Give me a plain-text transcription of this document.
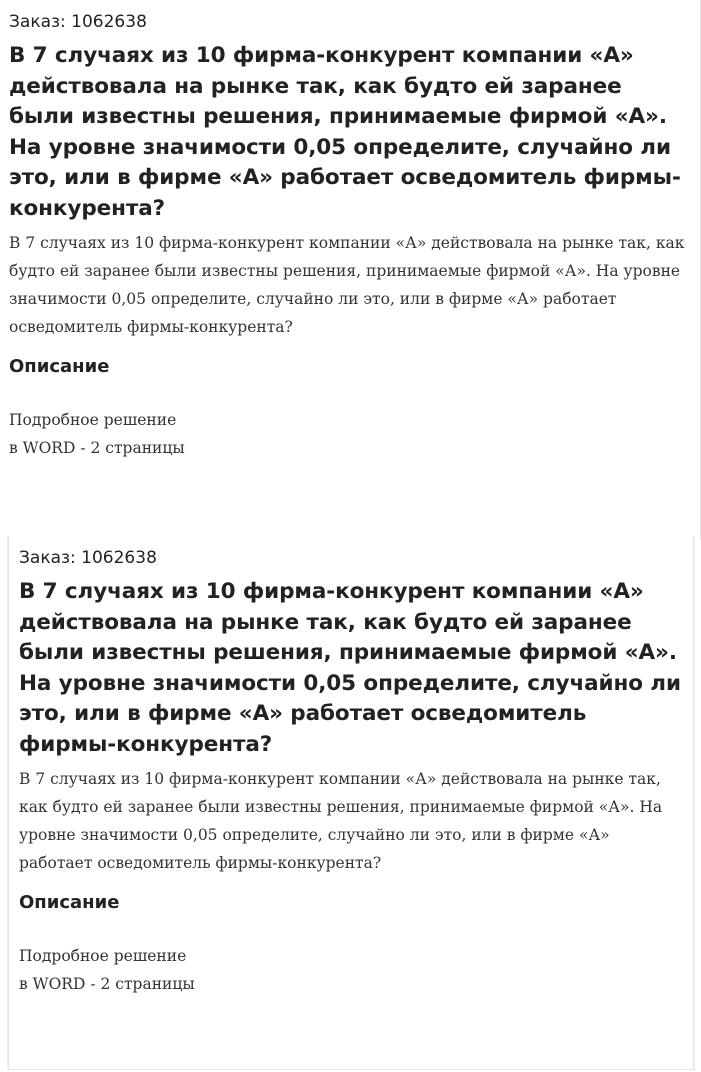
Заказ: 1062638
В 7 случаях из 10 фирма-конкурент компании «А» действовала на рынке так, как будто ей заранее были известны решения, принимаемые фирмой «А». На уровне значимости 0,05 определите, случайно ли это, или в фирме «А» работает осведомитель фирмы-конкурента?

В 7 случаях из 10 фирма-конкурент компании «А» действовала на рынке так, как будто ей заранее были известны решения, принимаемые фирмой «А». На уровне значимости 0,05 определите, случайно ли это, или в фирме «А» работает осведомитель фирмы-конкурента?

Описание
Подробное решение
в WORD - 2 страницы
Заказ: 1062638
В 7 случаях из 10 фирма-конкурент компании «А» действовала на рынке так, как будто ей заранее были известны решения, принимаемые фирмой «А». На уровне значимости 0,05 определите, случайно ли это, или в фирме «А» работает осведомитель фирмы-конкурента?

В 7 случаях из 10 фирма-конкурент компании «А» действовала на рынке так, как будто ей заранее были известны решения, принимаемые фирмой «А». На уровне значимости 0,05 определите, случайно ли это, или в фирме «А» работает осведомитель фирмы-конкурента?

Описание
Подробное решение
в WORD - 2 страницы
